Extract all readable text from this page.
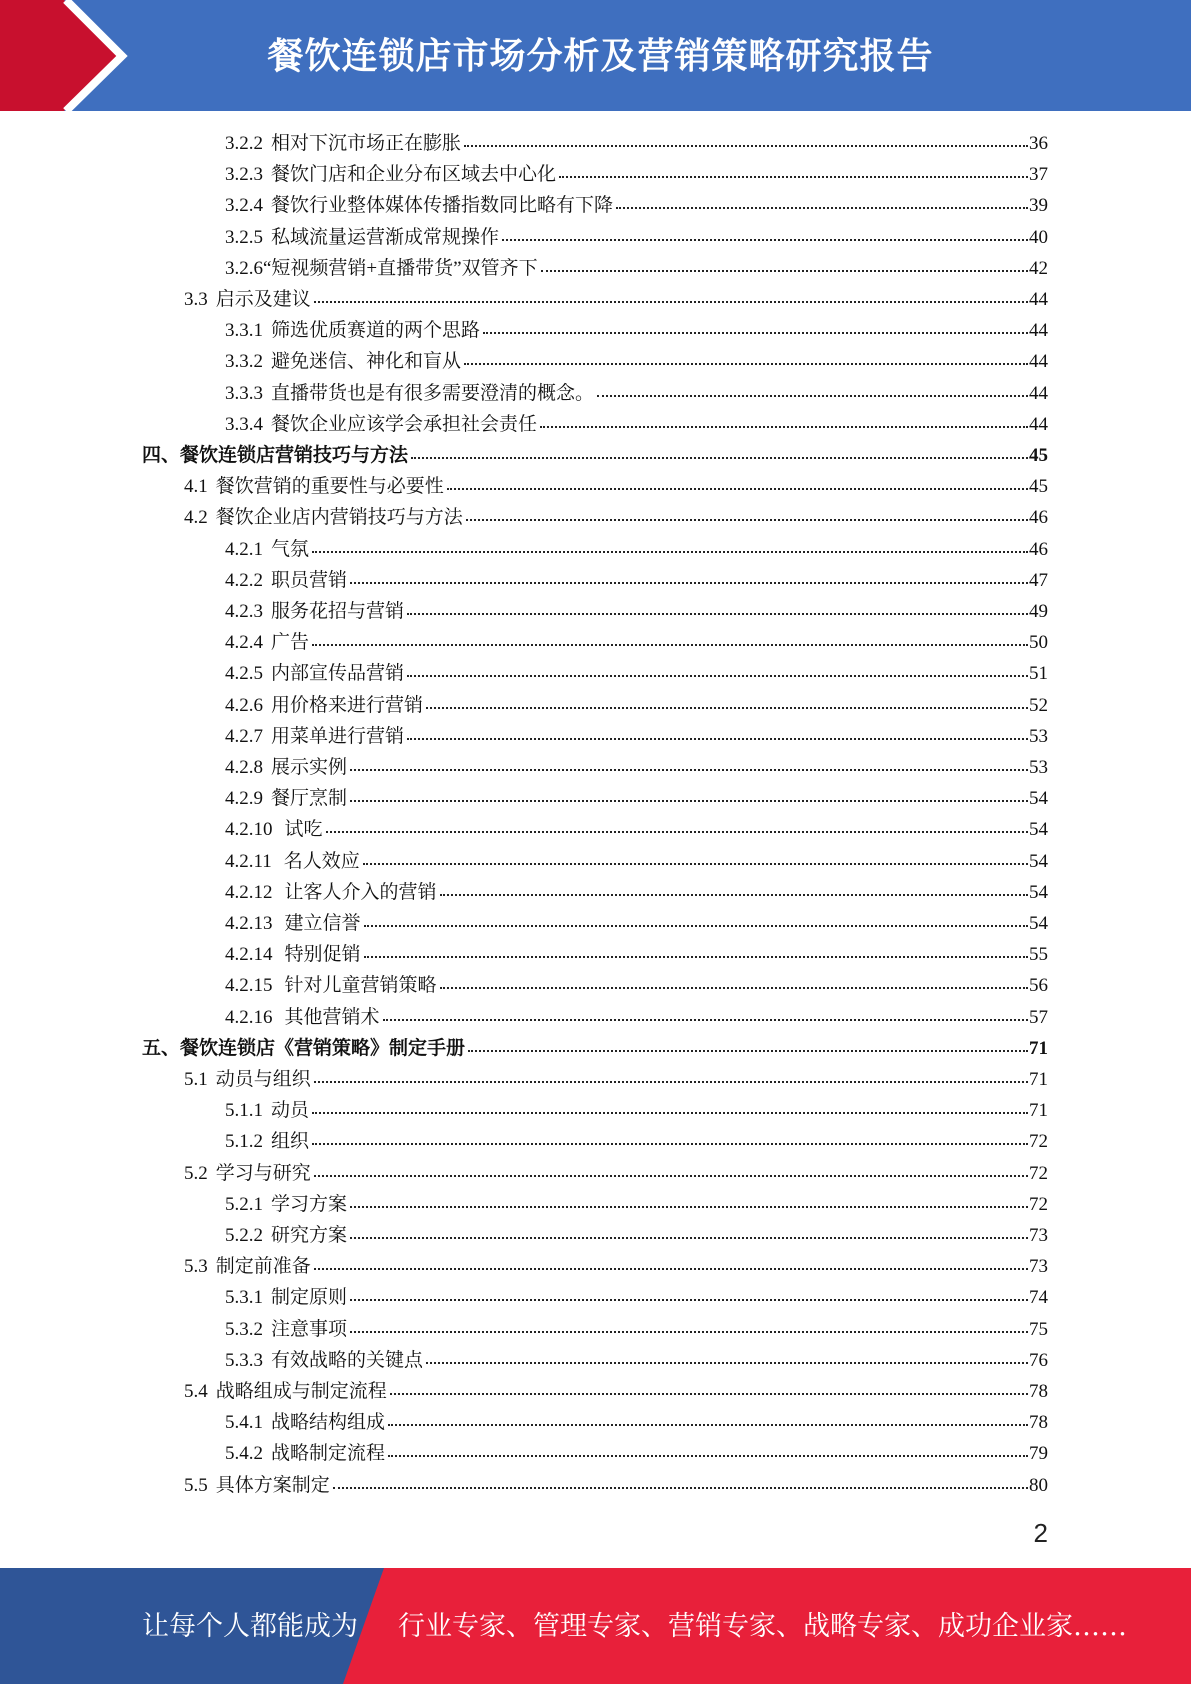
餐饮连锁店市场分析及营销策略研究报告
3.2.2 相对下沉市场正在膨胀	36
3.2.3 餐饮门店和企业分布区域去中心化	37
3.2.4 餐饮行业整体媒体传播指数同比略有下降	39
3.2.5 私域流量运营渐成常规操作	40
3.2.6“短视频营销+直播带货”双管齐下	42
3.3 启示及建议	44
3.3.1 筛选优质赛道的两个思路	44
3.3.2 避免迷信、神化和盲从	44
3.3.3 直播带货也是有很多需要澄清的概念。	44
3.3.4 餐饮企业应该学会承担社会责任	44
四、餐饮连锁店营销技巧与方法	45
4.1 餐饮营销的重要性与必要性	45
4.2 餐饮企业店内营销技巧与方法	46
4.2.1 气氛	46
4.2.2 职员营销	47
4.2.3 服务花招与营销	49
4.2.4 广告	50
4.2.5 内部宣传品营销	51
4.2.6 用价格来进行营销	52
4.2.7 用菜单进行营销	53
4.2.8 展示实例	53
4.2.9 餐厅烹制	54
4.2.10 试吃	54
4.2.11 名人效应	54
4.2.12 让客人介入的营销	54
4.2.13 建立信誉	54
4.2.14 特别促销	55
4.2.15 针对儿童营销策略	56
4.2.16 其他营销术	57
五、餐饮连锁店《营销策略》制定手册	71
5.1 动员与组织	71
5.1.1 动员	71
5.1.2 组织	72
5.2 学习与研究	72
5.2.1 学习方案	72
5.2.2 研究方案	73
5.3 制定前准备	73
5.3.1 制定原则	74
5.3.2 注意事项	75
5.3.3 有效战略的关键点	76
5.4 战略组成与制定流程	78
5.4.1 战略结构组成	78
5.4.2 战略制定流程	79
5.5 具体方案制定	80
2
让每个人都能成为 行业专家、管理专家、营销专家、战略专家、成功企业家……
